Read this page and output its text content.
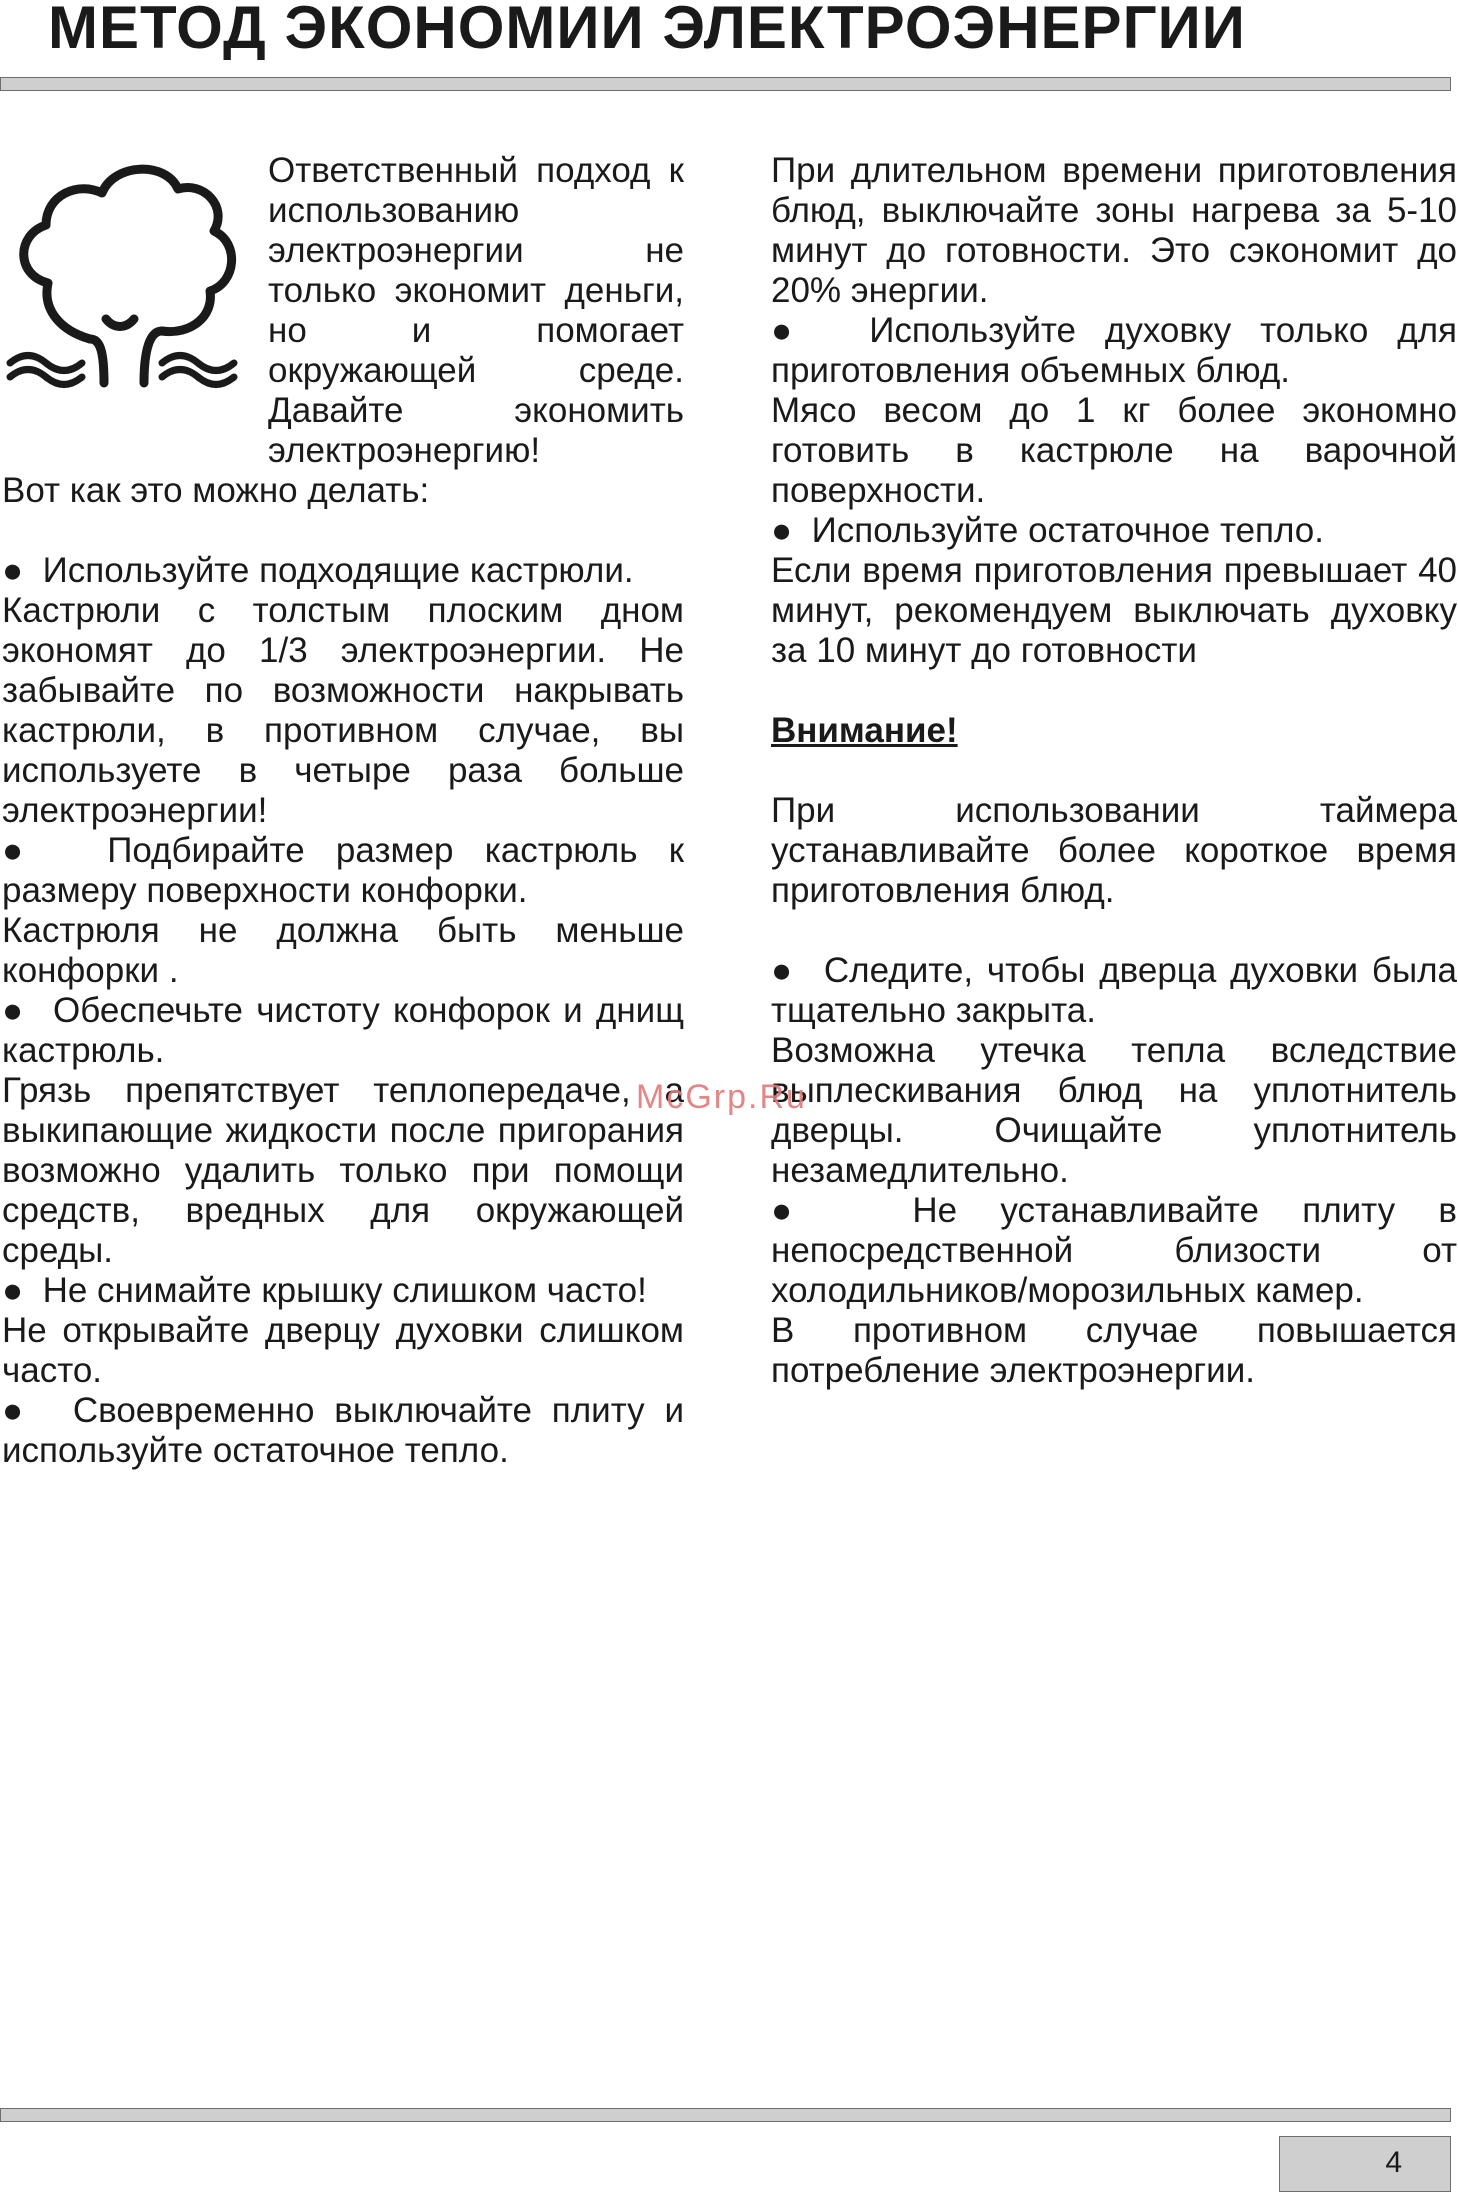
МЕТОД ЭКОНОМИИ ЭЛЕКТРОЭНЕРГИИ

Ответственный подход к использованию электроэнергии не только экономит деньги, но и помогает окружающей среде. Давайте экономить электроэнергию!

Вот как это можно делать:

●  Используйте подходящие кастрюли.

Кастрюли с толстым плоским дном экономят до 1/3 электроэнергии. Не забывайте по возможности накрывать кастрюли, в противном случае, вы используете в четыре раза больше электроэнергии!

●  Подбирайте размер кастрюль к размеру поверхности конфорки.

Кастрюля не должна быть меньше конфорки .

●  Обеспечьте чистоту конфорок и днищ кастрюль.

Грязь препятствует теплопередаче, а выкипающие жидкости после пригорания возможно удалить только при помощи средств, вредных для окружающей среды.

●  Не снимайте крышку слишком часто!

Не открывайте дверцу духовки слишком часто.

●  Своевременно выключайте плиту и используйте остаточное тепло.

При длительном времени приготовления блюд, выключайте зоны нагрева за 5-10 минут до готовности. Это сэкономит до 20% энергии.

●  Используйте духовку только для приготовления объемных блюд.

Мясо весом до 1 кг более экономно готовить в кастрюле на варочной поверхности.

●  Используйте остаточное тепло.

Если время приготовления превышает 40 минут, рекомендуем выключать духовку за 10 минут до готовности

Внимание!

При использовании таймера устанавливайте более короткое время приготовления блюд.

●  Следите, чтобы дверца духовки была тщательно закрыта.

Возможна утечка тепла вследствие выплескивания блюд на уплотнитель дверцы. Очищайте уплотнитель незамедлительно.

●  Не устанавливайте плиту в непосредственной близости от холодильников/морозильных камер.

В противном случае повышается потребление электроэнергии.

McGrp.Ru
4
